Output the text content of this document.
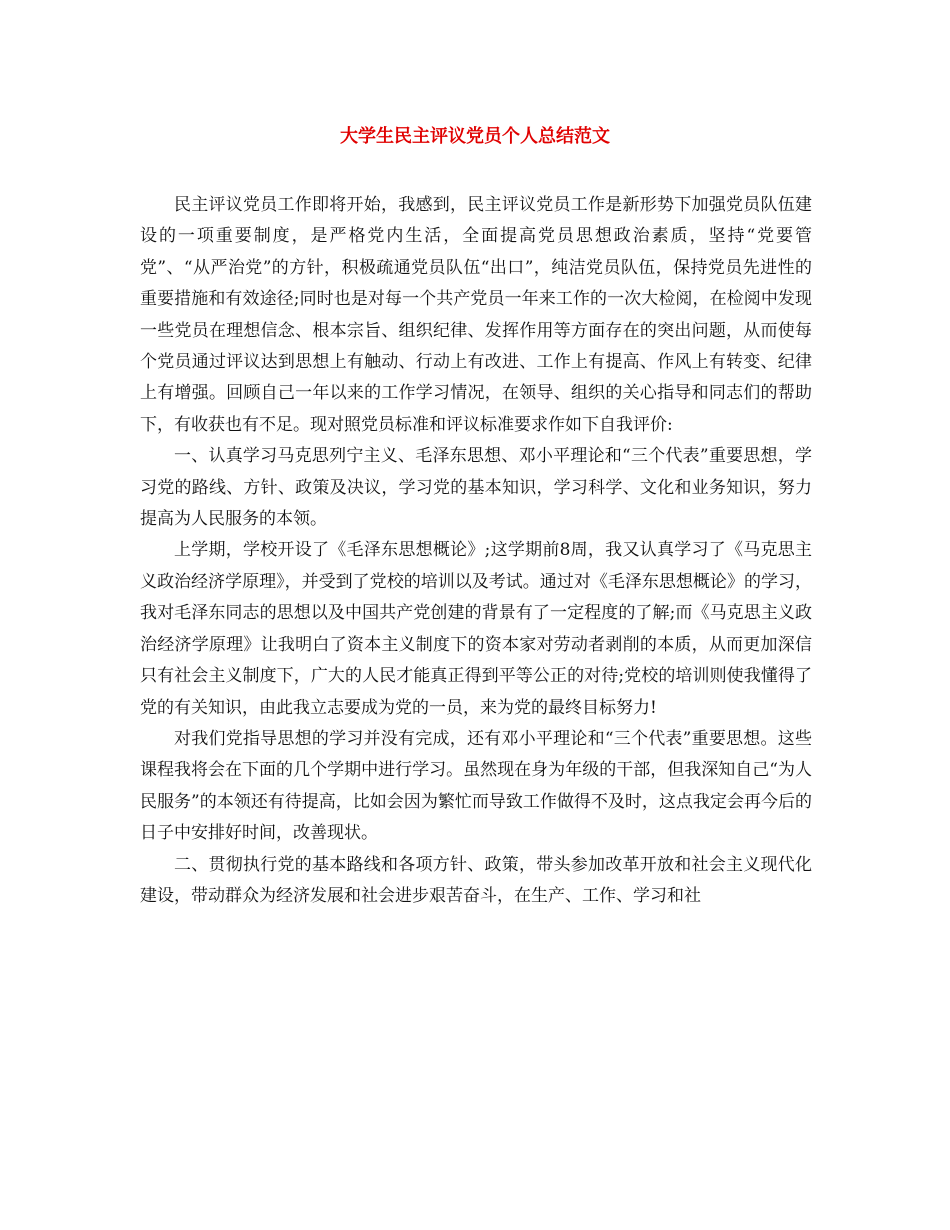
大学生民主评议党员个人总结范文

民主评议党员工作即将开始，我感到，民主评议党员工作是新形势下加强党员队伍建设的一项重要制度，是严格党内生活，全面提高党员思想政治素质，坚持“党要管党”、“从严治党”的方针，积极疏通党员队伍“出口”，纯洁党员队伍，保持党员先进性的重要措施和有效途径;同时也是对每一个共产党员一年来工作的一次大检阅，在检阅中发现一些党员在理想信念、根本宗旨、组织纪律、发挥作用等方面存在的突出问题，从而使每个党员通过评议达到思想上有触动、行动上有改进、工作上有提高、作风上有转变、纪律上有增强。回顾自己一年以来的工作学习情况，在领导、组织的关心指导和同志们的帮助下，有收获也有不足。现对照党员标准和评议标准要求作如下自我评价:

一、认真学习马克思列宁主义、毛泽东思想、邓小平理论和“三个代表”重要思想，学习党的路线、方针、政策及决议，学习党的基本知识，学习科学、文化和业务知识，努力提高为人民服务的本领。

上学期，学校开设了《毛泽东思想概论》;这学期前8周，我又认真学习了《马克思主义政治经济学原理》，并受到了党校的培训以及考试。通过对《毛泽东思想概论》的学习，我对毛泽东同志的思想以及中国共产党创建的背景有了一定程度的了解;而《马克思主义政治经济学原理》让我明白了资本主义制度下的资本家对劳动者剥削的本质，从而更加深信只有社会主义制度下，广大的人民才能真正得到平等公正的对待;党校的培训则使我懂得了党的有关知识，由此我立志要成为党的一员，来为党的最终目标努力!

对我们党指导思想的学习并没有完成，还有邓小平理论和“三个代表”重要思想。这些课程我将会在下面的几个学期中进行学习。虽然现在身为年级的干部，但我深知自己“为人民服务”的本领还有待提高，比如会因为繁忙而导致工作做得不及时，这点我定会再今后的日子中安排好时间，改善现状。

二、贯彻执行党的基本路线和各项方针、政策，带头参加改革开放和社会主义现代化建设，带动群众为经济发展和社会进步艰苦奋斗，在生产、工作、学习和社
